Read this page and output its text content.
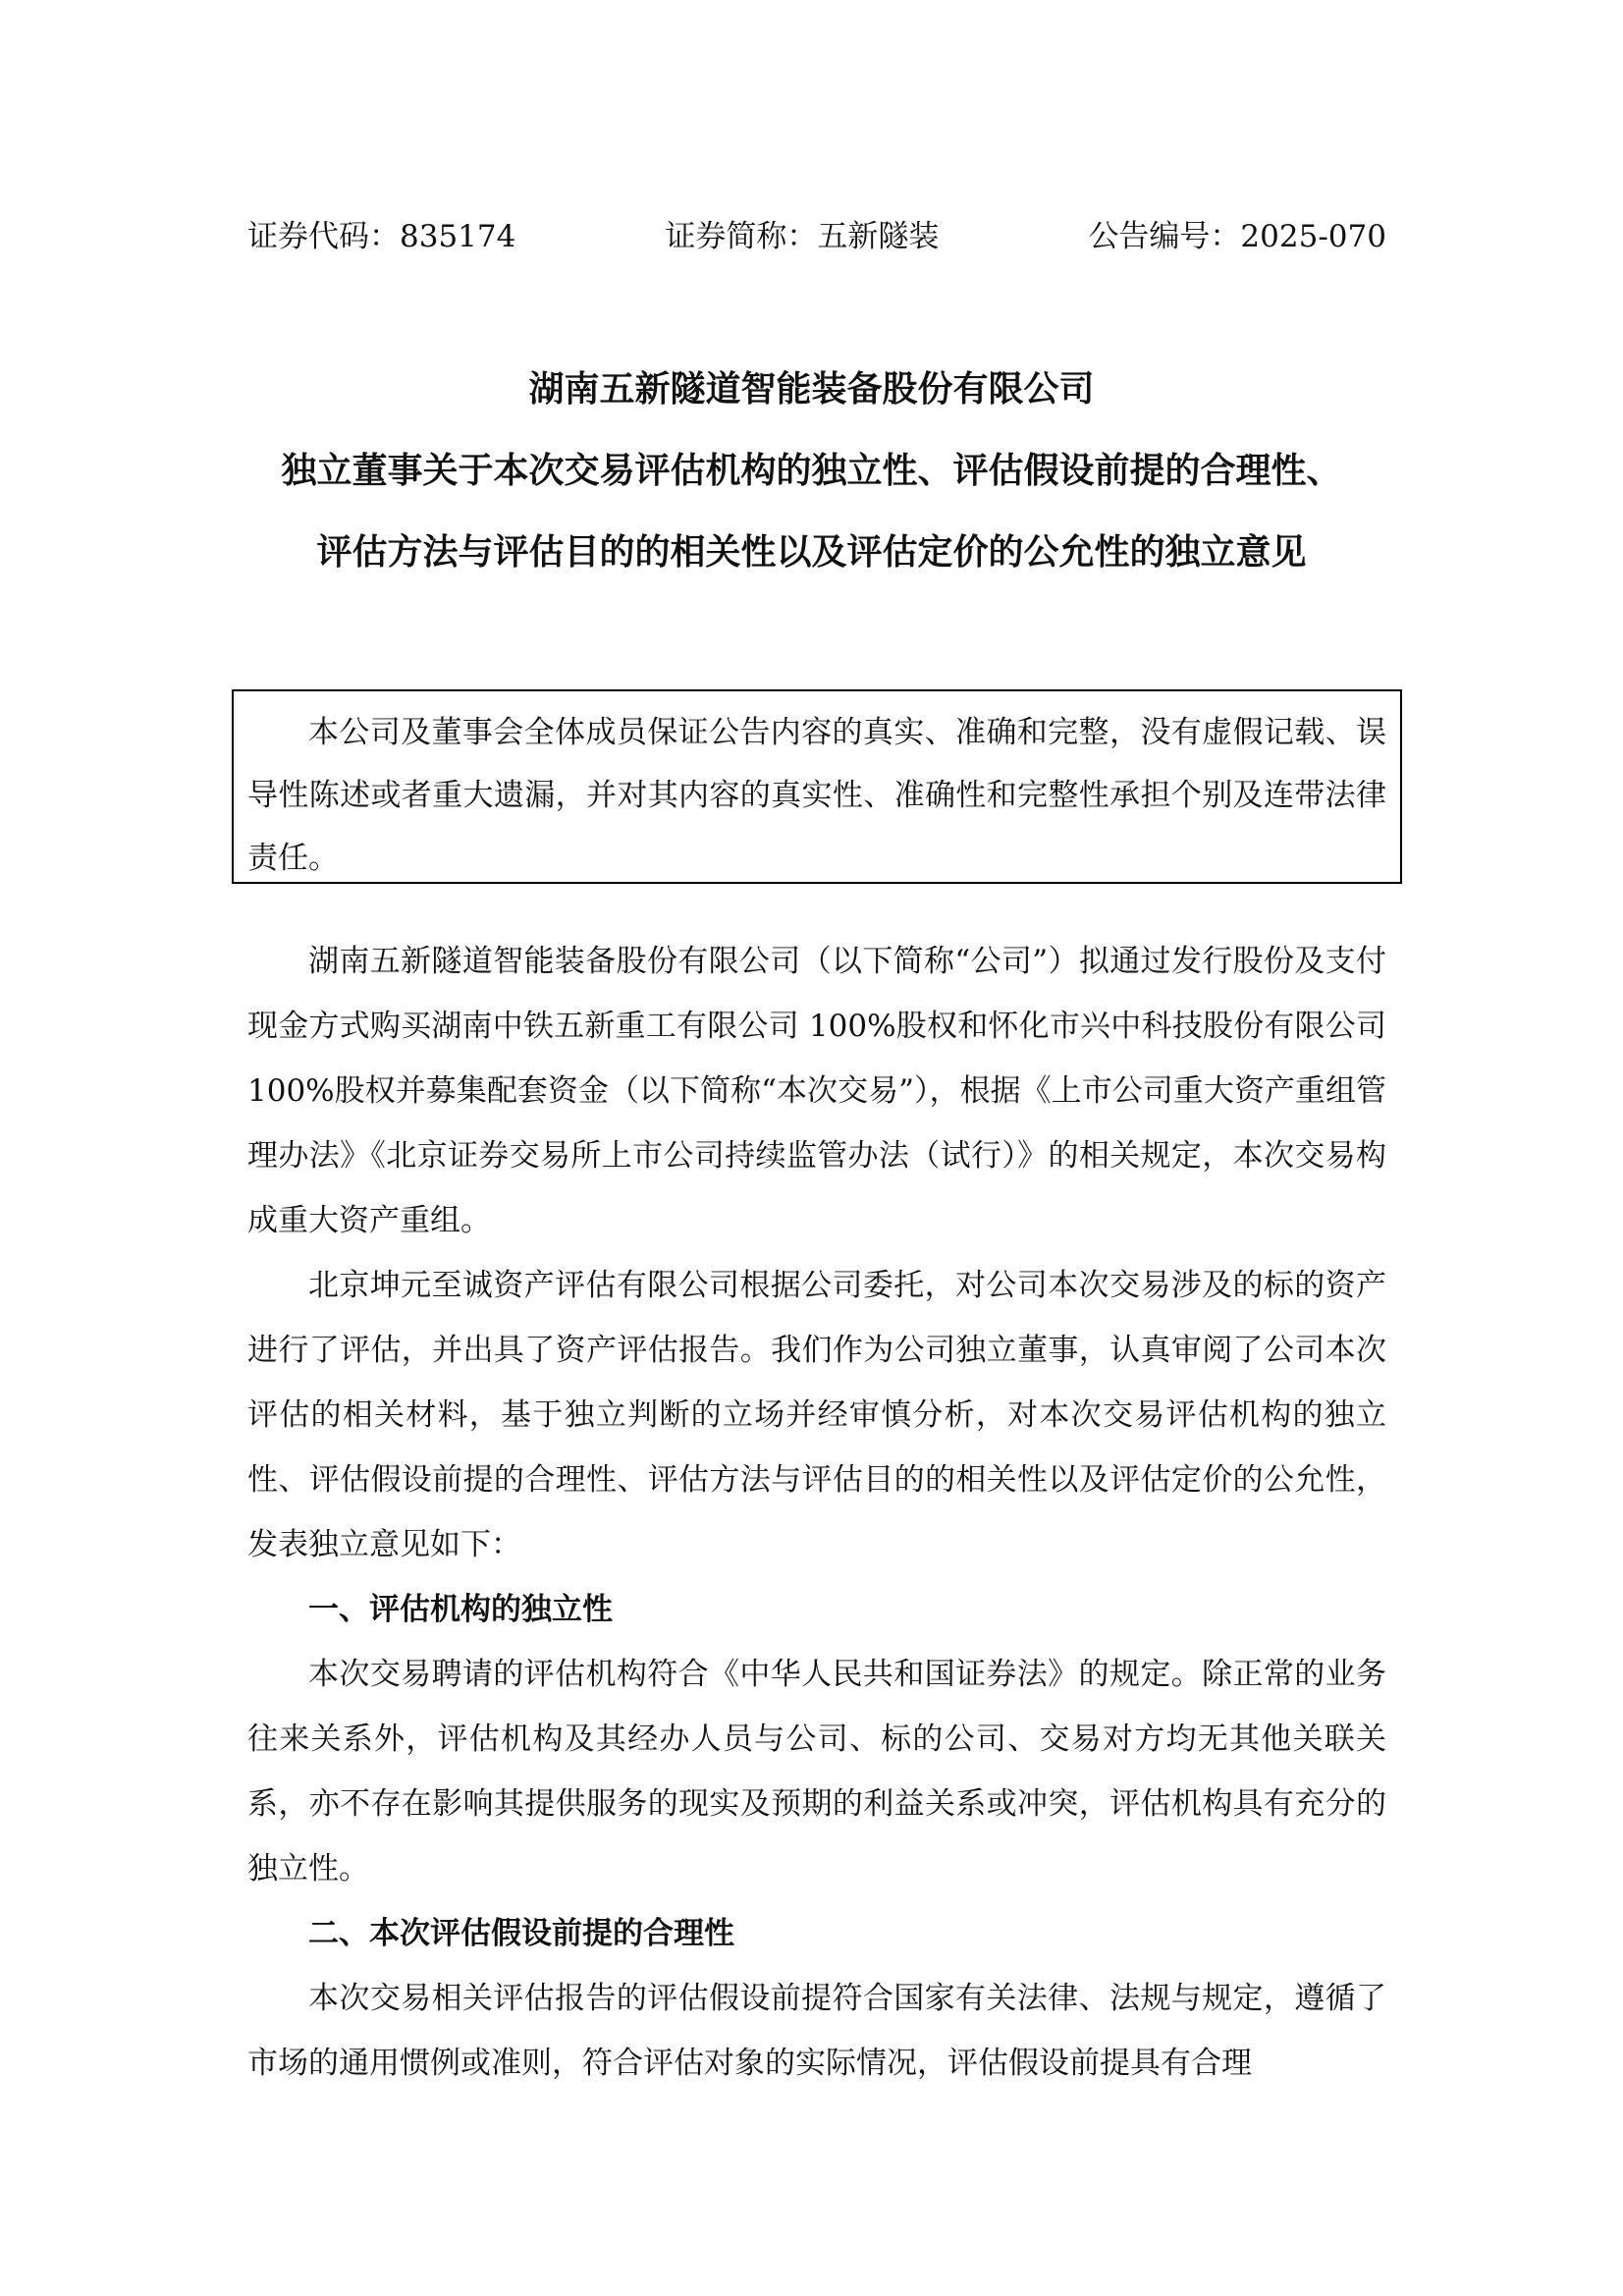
证券代码：835174	证券简称：五新隧装	公告编号：2025-070
湖南五新隧道智能装备股份有限公司
独立董事关于本次交易评估机构的独立性、评估假设前提的合理性、
评估方法与评估目的的相关性以及评估定价的公允性的独立意见

本公司及董事会全体成员保证公告内容的真实、准确和完整，没有虚假记载、误导性陈述或者重大遗漏，并对其内容的真实性、准确性和完整性承担个别及连带法律责任。

湖南五新隧道智能装备股份有限公司（以下简称“公司”）拟通过发行股份及支付现金方式购买湖南中铁五新重工有限公司 100%股权和怀化市兴中科技股份有限公司 100%股权并募集配套资金（以下简称“本次交易”），根据《上市公司重大资产重组管理办法》《北京证券交易所上市公司持续监管办法（试行）》的相关规定，本次交易构成重大资产重组。

北京坤元至诚资产评估有限公司根据公司委托，对公司本次交易涉及的标的资产进行了评估，并出具了资产评估报告。我们作为公司独立董事，认真审阅了公司本次评估的相关材料，基于独立判断的立场并经审慎分析，对本次交易评估机构的独立性、评估假设前提的合理性、评估方法与评估目的的相关性以及评估定价的公允性，发表独立意见如下：

一、评估机构的独立性

本次交易聘请的评估机构符合《中华人民共和国证券法》的规定。除正常的业务往来关系外，评估机构及其经办人员与公司、标的公司、交易对方均无其他关联关系，亦不存在影响其提供服务的现实及预期的利益关系或冲突，评估机构具有充分的独立性。

二、本次评估假设前提的合理性

本次交易相关评估报告的评估假设前提符合国家有关法律、法规与规定，遵循了市场的通用惯例或准则，符合评估对象的实际情况，评估假设前提具有合理
